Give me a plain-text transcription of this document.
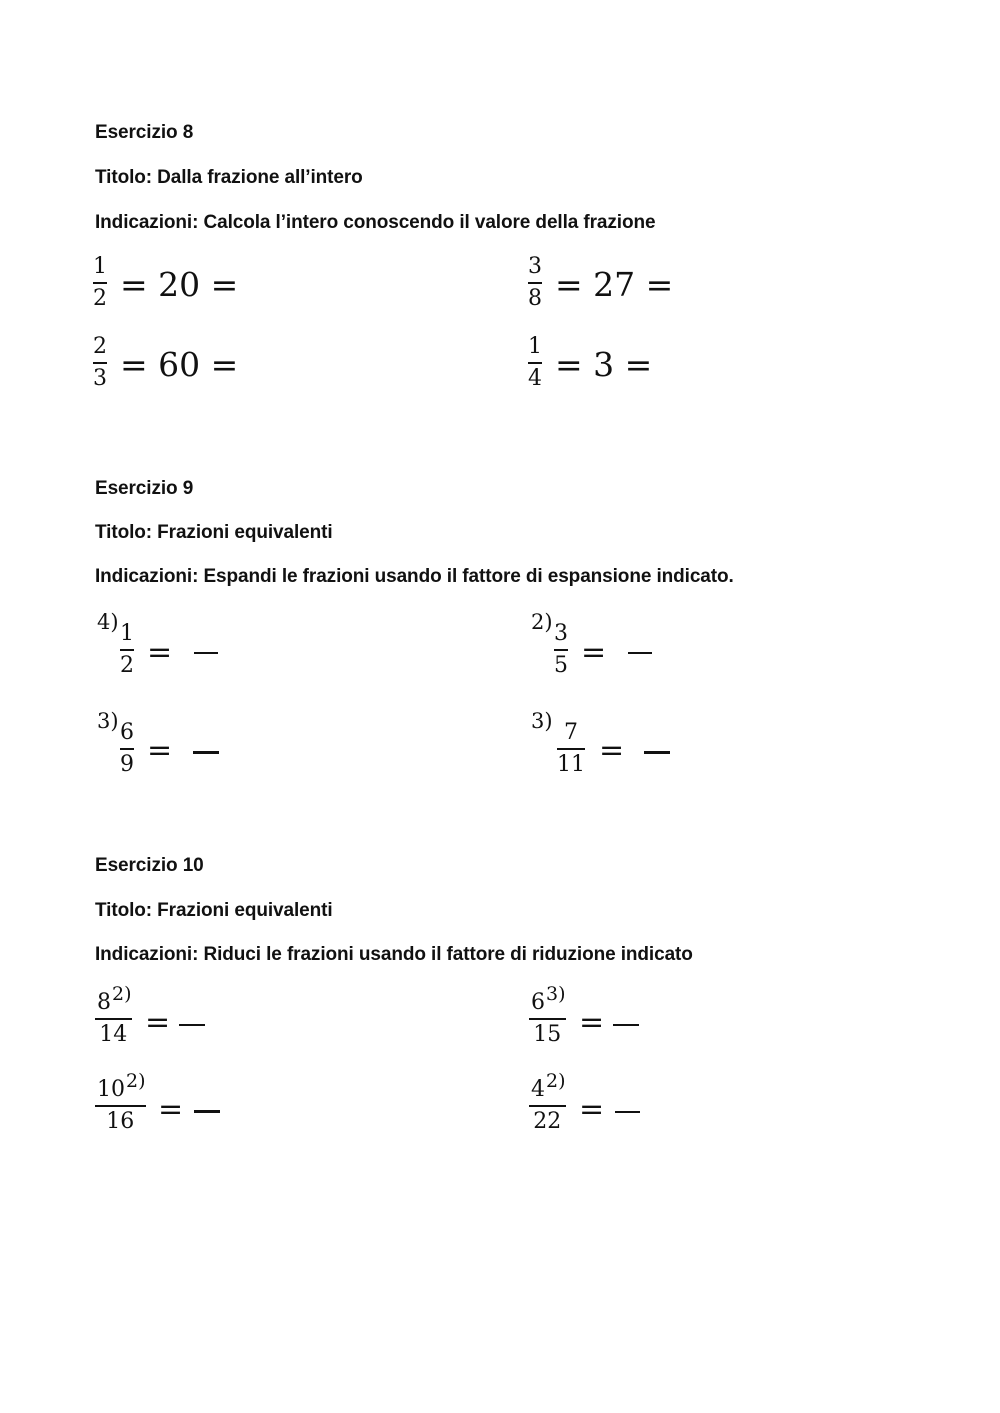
Esercizio 8
Titolo: Dalla frazione all’intero
Indicazioni: Calcola l’intero conoscendo il valore della frazione
1
2 = 20 =	3
8 = 27 =
2
3 = 60 =	1
4 = 3 =
Esercizio 9
Titolo: Frazioni equivalenti
Indicazioni: Espandi le frazioni usando il fattore di espansione indicato.
4) 1
2 =
2) 3
5 =
3) 6
9 =
3) 7
11 =
Esercizio 10
Titolo: Frazioni equivalenti
Indicazioni: Riduci le frazioni usando il fattore di riduzione indicato
82)
14 =
63)
15 =
102)
16 =
42)
22 =
